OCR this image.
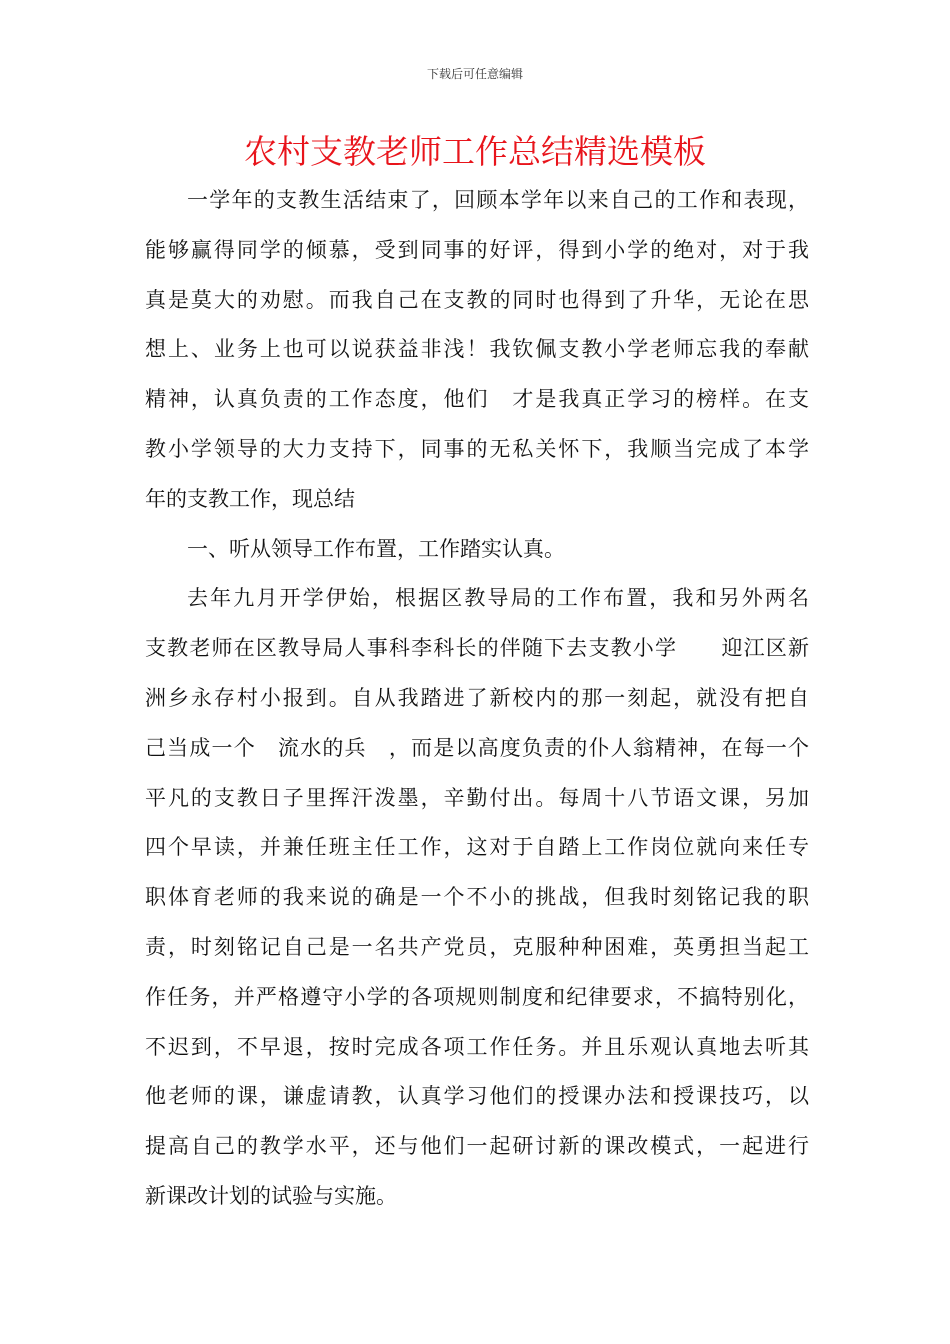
下载后可任意编辑
农村支教老师工作总结精选模板
一学年的支教生活结束了，回顾本学年以来自己的工作和表现，
能够赢得同学的倾慕，受到同事的好评，得到小学的绝对，对于我
真是莫大的劝慰。而我自己在支教的同时也得到了升华，无论在思
想上、业务上也可以说获益非浅！我钦佩支教小学老师忘我的奉献
精神，认真负责的工作态度，他们　才是我真正学习的榜样。在支
教小学领导的大力支持下，同事的无私关怀下，我顺当完成了本学
年的支教工作，现总结
一、听从领导工作布置，工作踏实认真。
去年九月开学伊始，根据区教导局的工作布置，我和另外两名
支教老师在区教导局人事科李科长的伴随下去支教小学　　迎江区新
洲乡永存村小报到。自从我踏进了新校内的那一刻起，就没有把自
己当成一个　流水的兵　，而是以高度负责的仆人翁精神，在每一个
平凡的支教日子里挥汗泼墨，辛勤付出。每周十八节语文课，另加
四个早读，并兼任班主任工作，这对于自踏上工作岗位就向来任专
职体育老师的我来说的确是一个不小的挑战，但我时刻铭记我的职
责，时刻铭记自己是一名共产党员，克服种种困难，英勇担当起工
作任务，并严格遵守小学的各项规则制度和纪律要求，不搞特别化，
不迟到，不早退，按时完成各项工作任务。并且乐观认真地去听其
他老师的课，谦虚请教，认真学习他们的授课办法和授课技巧，以
提高自己的教学水平，还与他们一起研讨新的课改模式，一起进行
新课改计划的试验与实施。
